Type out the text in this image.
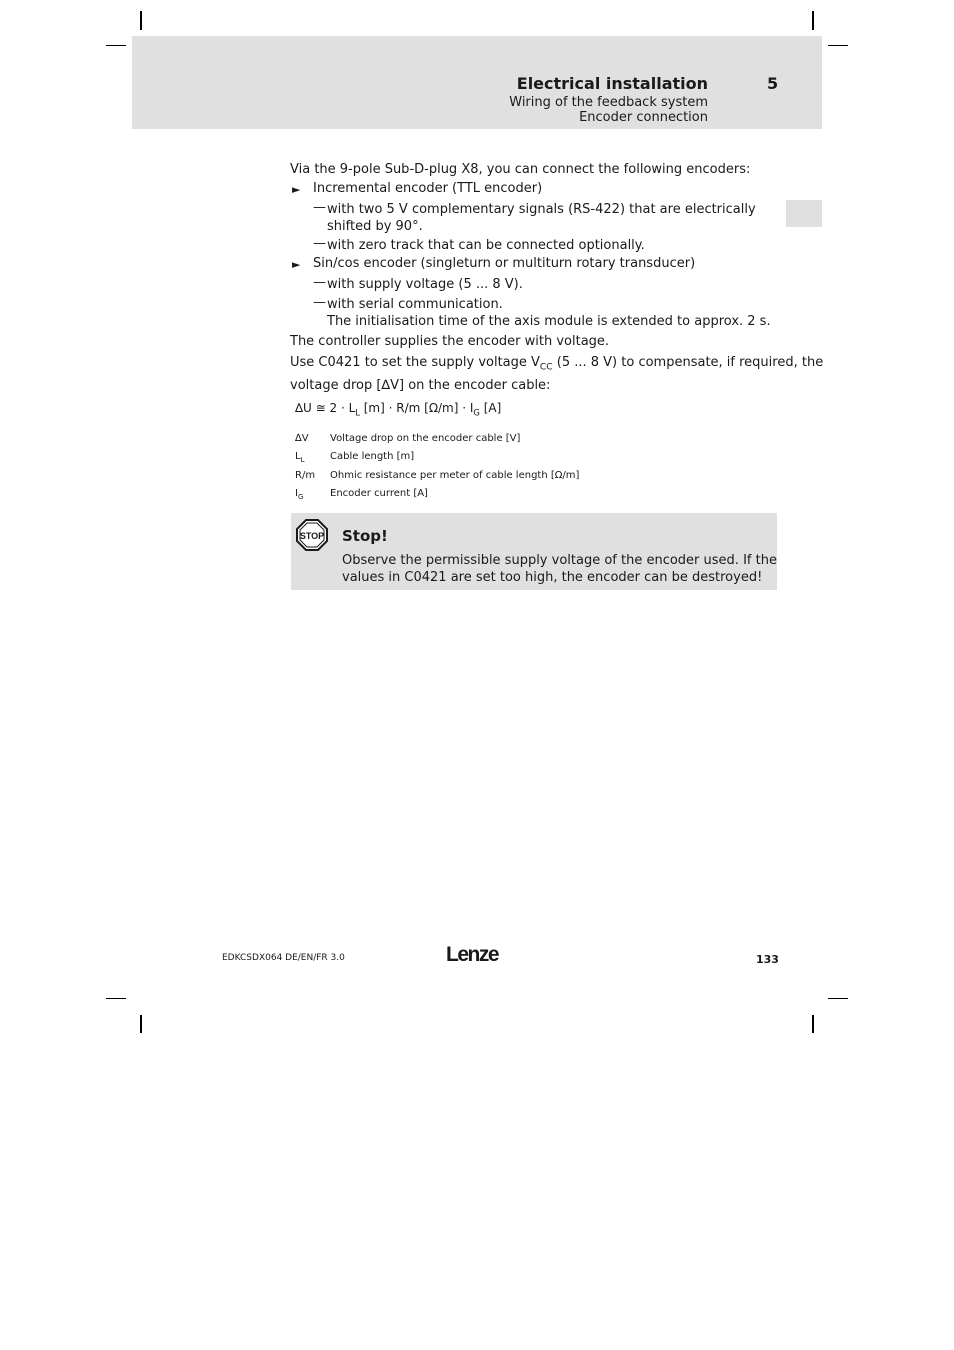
Electrical installation	5
Wiring of the feedback system
Encoder connection
Via the 9-pole Sub-D-plug X8, you can connect the following encoders:
► Incremental encoder (TTL encoder)
— with two 5 V complementary signals (RS-422) that are electrically
shifted by 90°.
— with zero track that can be connected optionally.
► Sin/cos encoder (singleturn or multiturn rotary transducer)
— with supply voltage (5 ... 8 V).
— with serial communication.
The initialisation time of the axis module is extended to approx. 2 s.
The controller supplies the encoder with voltage.
Use C0421 to set the supply voltage $V_{CC}$ (5 ... 8 V) to compensate, if required, the
voltage drop [∆V] on the encoder cable:
∆U ≅ $2 \cdot L_L$ [m] · R/m $[\Omega/m] \cdot I_G$ [A]
∆V Voltage drop on the encoder cable [V]
$L_L$	Cable length [m]
R/m Ohmic resistance per meter of cable length [Ω/m]
$I_G$	Encoder current [A]
STOP Stop!
Observe the permissible supply voltage of the encoder used. If the
values in C0421 are set too high, the encoder can be destroyed!
EDKCSDX064 DE/EN/FR 3.0	Lenze	133
